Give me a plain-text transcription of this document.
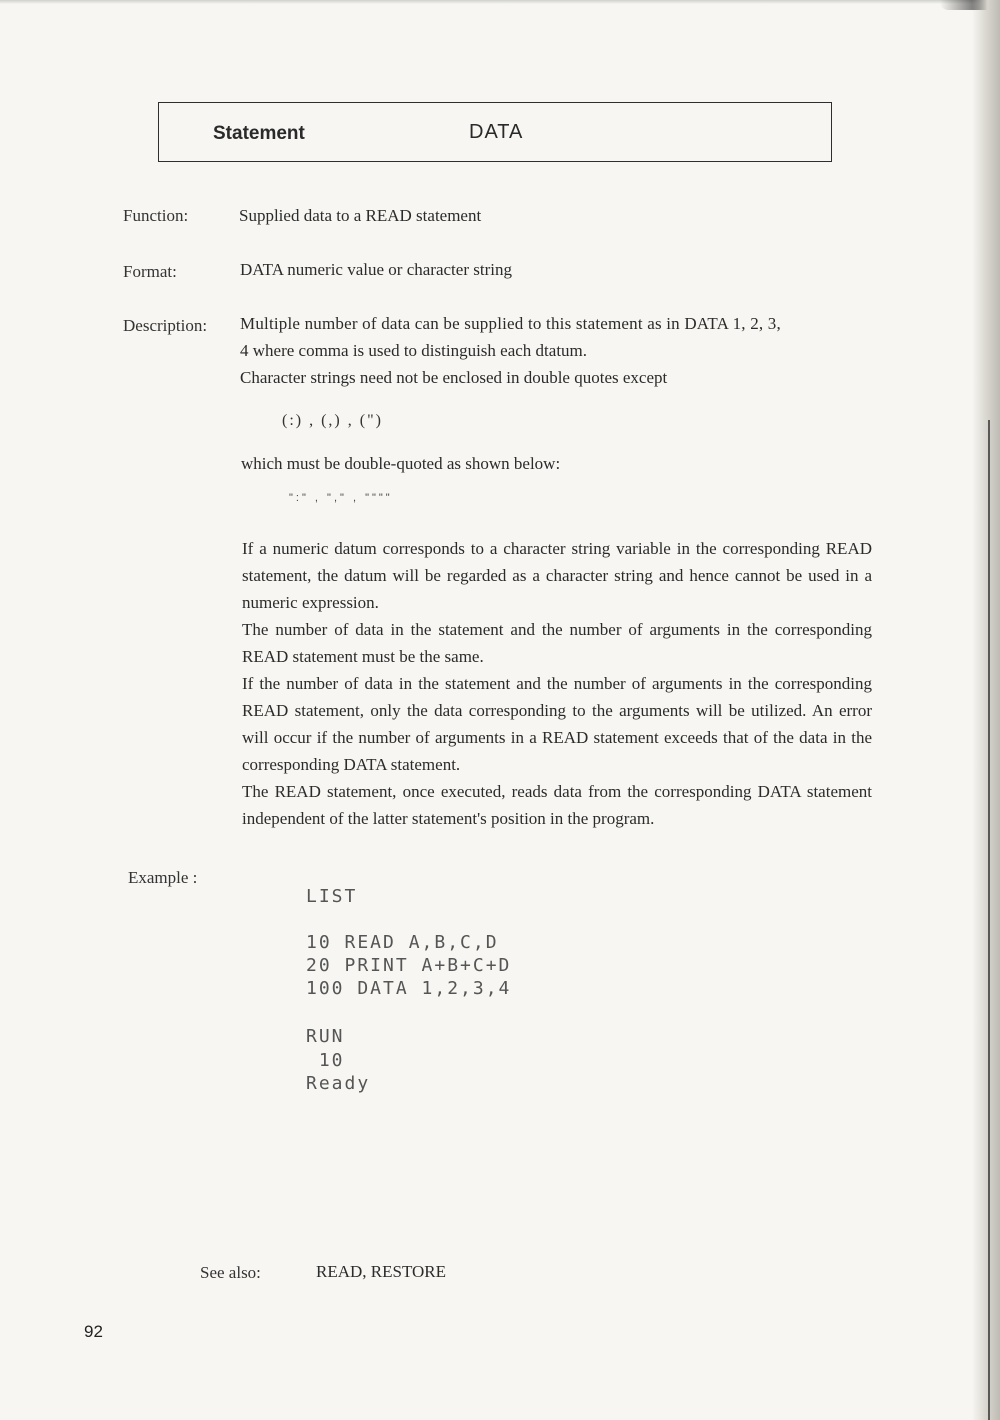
Statement	DATA
Function:	Supplied data to a READ statement
Format:	DATA numeric value or character string
Description: Multiple number of data can be supplied to this statement as in DATA 1, 2, 3,
4 where comma is used to distinguish each dtatum.
Character strings need not be enclosed in double quotes except
(:) , (,) , (")
which must be double-quoted as shown below:
":" , "," , """"
If a numeric datum corresponds to a character string variable in the corresponding READ statement, the datum will be regarded as a character string and hence cannot be used in a numeric expression.
The number of data in the statement and the number of arguments in the corresponding READ statement must be the same.
If the number of data in the statement and the number of arguments in the corresponding READ statement, only the data corresponding to the arguments will be utilized. An error will occur if the number of arguments in a READ statement exceeds that of the data in the corresponding DATA statement.
The READ statement, once executed, reads data from the corresponding DATA statement independent of the latter statement's position in the program.
Example :
LIST
10 READ A,B,C,D
20 PRINT A+B+C+D
100 DATA 1,2,3,4
RUN
10
Ready
See also:	READ, RESTORE
92
